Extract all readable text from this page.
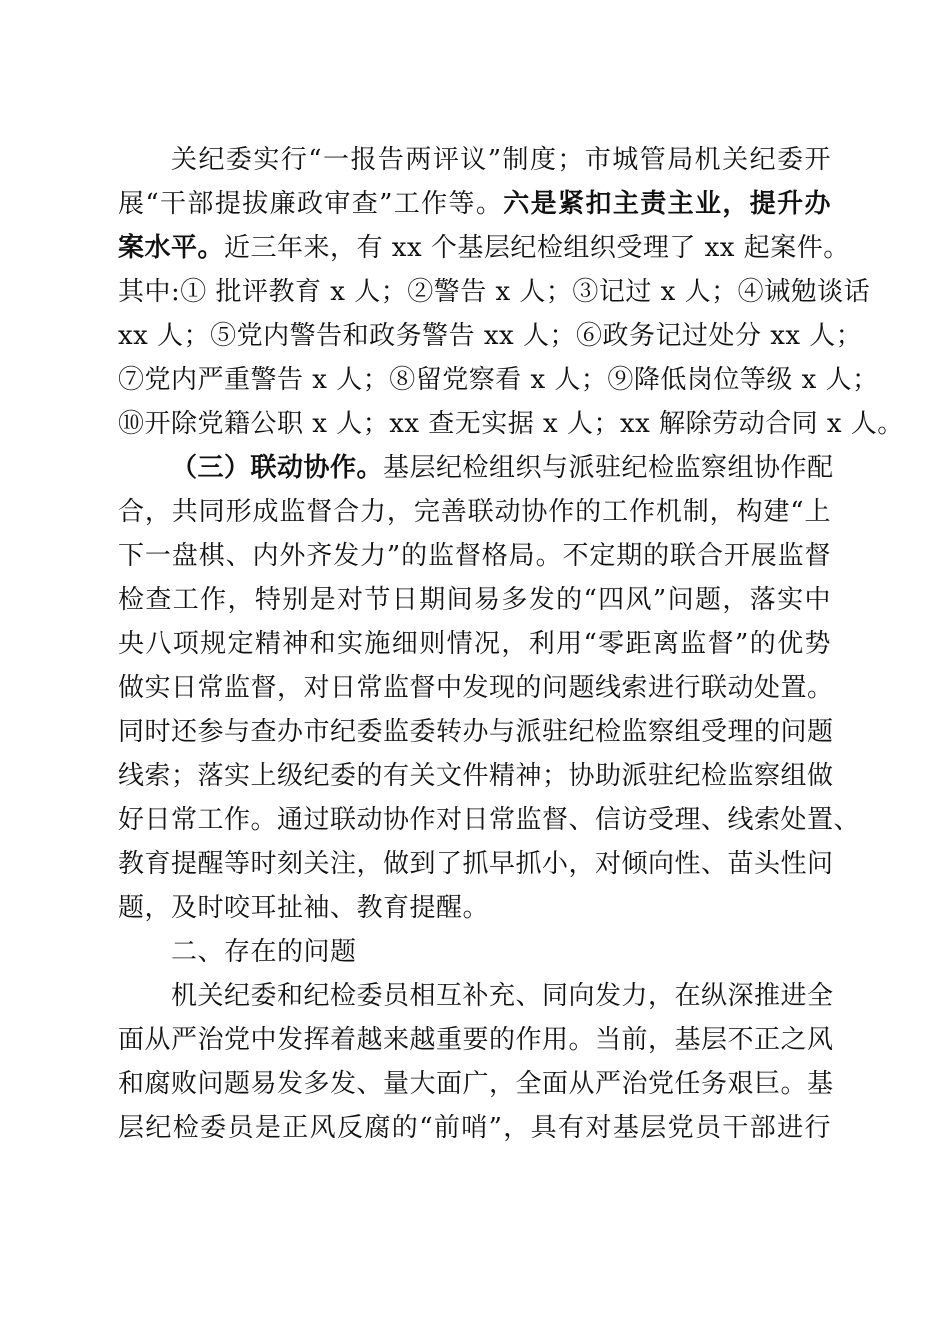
关纪委实行“一报告两评议”制度；市城管局机关纪委开
展“干部提拔廉政审查”工作等。六是紧扣主责主业，提升办
案水平。近三年来，有 xx 个基层纪检组织受理了 xx 起案件。
其中:① 批评教育 x 人；②警告 x 人；③记过 x 人；④诫勉谈话
xx 人；⑤党内警告和政务警告 xx 人；⑥政务记过处分 xx 人；
⑦党内严重警告 x 人；⑧留党察看 x 人；⑨降低岗位等级 x 人；
⑩开除党籍公职 x 人；xx 查无实据 x 人；xx 解除劳动合同 x 人。
（三）联动协作。基层纪检组织与派驻纪检监察组协作配
合，共同形成监督合力，完善联动协作的工作机制，构建“上
下一盘棋、内外齐发力”的监督格局。不定期的联合开展监督
检查工作，特别是对节日期间易多发的“四风”问题，落实中
央八项规定精神和实施细则情况，利用“零距离监督”的优势
做实日常监督，对日常监督中发现的问题线索进行联动处置。
同时还参与查办市纪委监委转办与派驻纪检监察组受理的问题
线索；落实上级纪委的有关文件精神；协助派驻纪检监察组做
好日常工作。通过联动协作对日常监督、信访受理、线索处置、
教育提醒等时刻关注，做到了抓早抓小，对倾向性、苗头性问
题，及时咬耳扯袖、教育提醒。
二、存在的问题
机关纪委和纪检委员相互补充、同向发力，在纵深推进全
面从严治党中发挥着越来越重要的作用。当前，基层不正之风
和腐败问题易发多发、量大面广，全面从严治党任务艰巨。基
层纪检委员是正风反腐的“前哨”，具有对基层党员干部进行
